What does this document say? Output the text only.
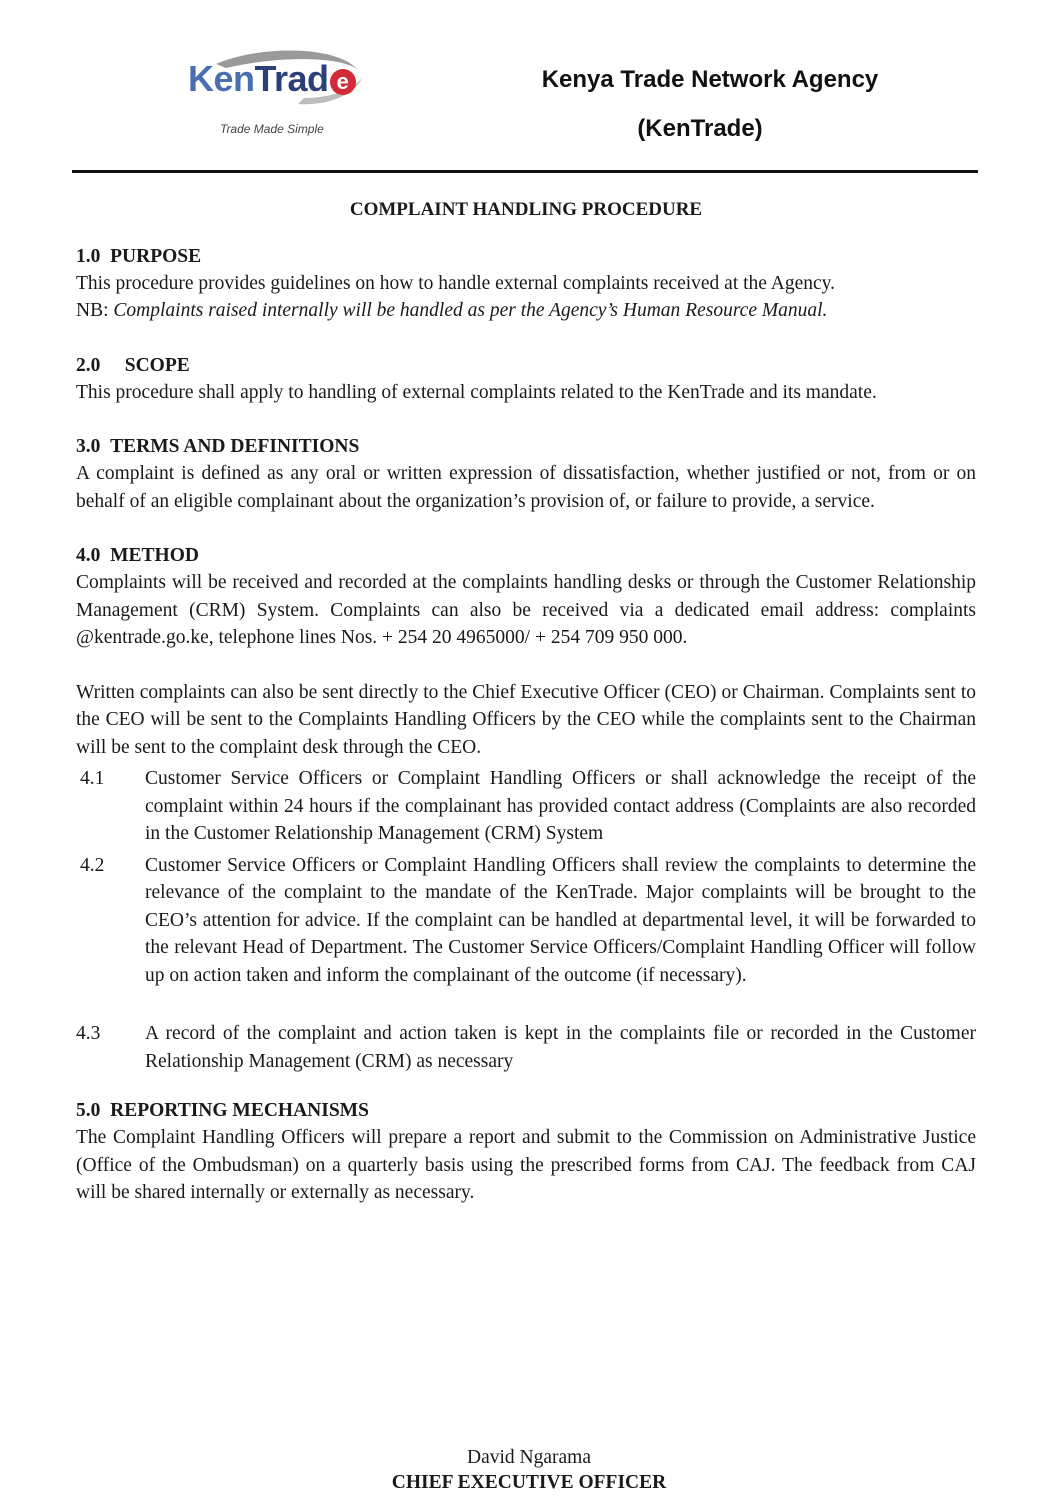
KenTrad e
Trade Made Simple
Kenya Trade Network Agency
(KenTrade)
COMPLAINT HANDLING PROCEDURE
1.0 PURPOSE

This procedure provides guidelines on how to handle external complaints received at the Agency.

NB: Complaints raised internally will be handled as per the Agency’s Human Resource Manual.

2.0 SCOPE

This procedure shall apply to handling of external complaints related to the KenTrade and its mandate.

3.0 TERMS AND DEFINITIONS

A complaint is defined as any oral or written expression of dissatisfaction, whether justified or not, from or on behalf of an eligible complainant about the organization’s provision of, or failure to provide, a service.

4.0 METHOD

Complaints will be received and recorded at the complaints handling desks or through the Customer Relationship Management (CRM) System. Complaints can also be received via a dedicated email address: complaints @kentrade.go.ke, telephone lines Nos. + 254 20 4965000/ + 254 709 950 000.

Written complaints can also be sent directly to the Chief Executive Officer (CEO) or Chairman. Complaints sent to the CEO will be sent to the Complaints Handling Officers by the CEO while the complaints sent to the Chairman will be sent to the complaint desk through the CEO.

4.1 Customer Service Officers or Complaint Handling Officers or shall acknowledge the receipt of the complaint within 24 hours if the complainant has provided contact address (Complaints are also recorded in the Customer Relationship Management (CRM) System
4.2 Customer Service Officers or Complaint Handling Officers shall review the complaints to determine the relevance of the complaint to the mandate of the KenTrade. Major complaints will be brought to the CEO’s attention for advice. If the complaint can be handled at departmental level, it will be forwarded to the relevant Head of Department. The Customer Service Officers/Complaint Handling Officer will follow up on action taken and inform the complainant of the outcome (if necessary).
4.3 A record of the complaint and action taken is kept in the complaints file or recorded in the Customer Relationship Management (CRM) as necessary
5.0 REPORTING MECHANISMS

The Complaint Handling Officers will prepare a report and submit to the Commission on Administrative Justice (Office of the Ombudsman) on a quarterly basis using the prescribed forms from CAJ. The feedback from CAJ will be shared internally or externally as necessary.

David Ngarama
CHIEF EXECUTIVE OFFICER
